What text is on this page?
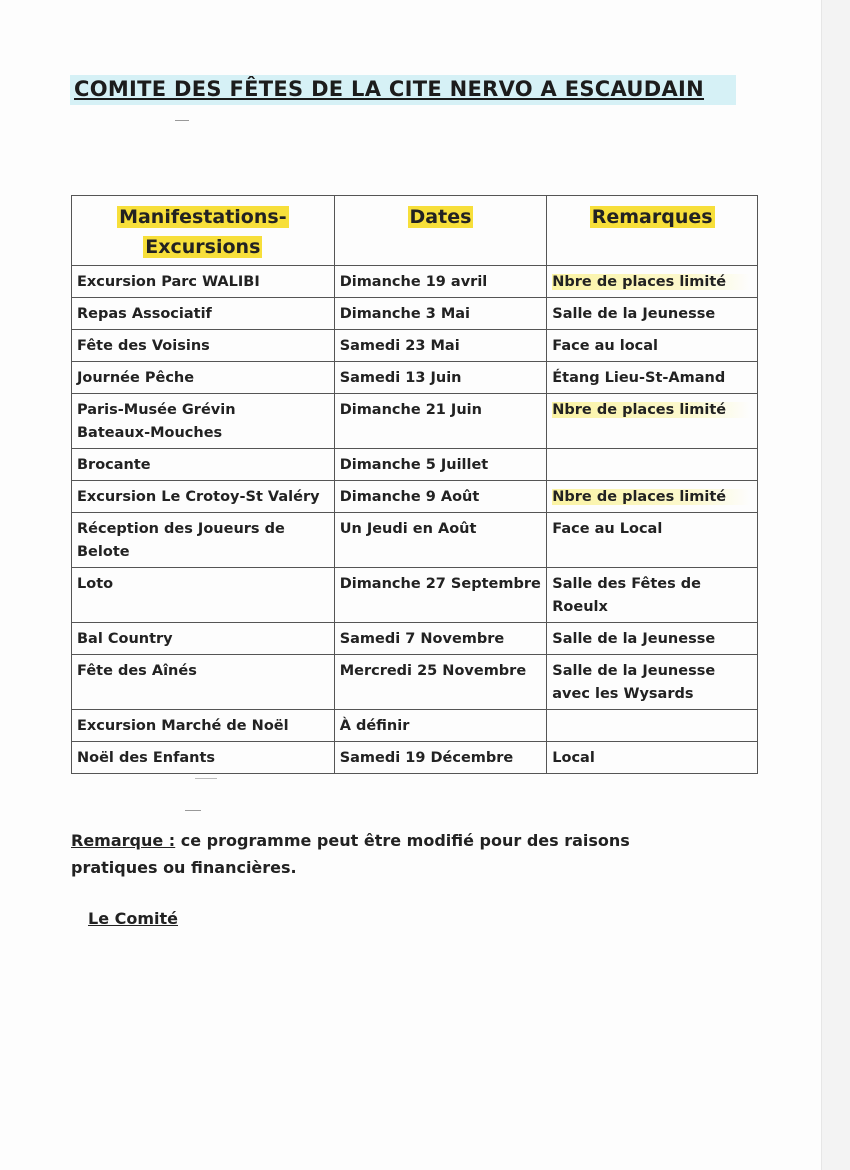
COMITE DES FÊTES DE LA CITE NERVO A ESCAUDAIN
Manifestations-
Excursions	Dates	Remarques
Excursion Parc WALIBI	Dimanche 19 avril	Nbre de places limité
Repas Associatif	Dimanche 3 Mai	Salle de la Jeunesse
Fête des Voisins	Samedi 23 Mai	Face au local
Journée Pêche	Samedi 13 Juin	Étang Lieu-St-Amand
Paris-Musée Grévin
Bateaux-Mouches	Dimanche 21 Juin	Nbre de places limité
Brocante	Dimanche 5 Juillet	
Excursion Le Crotoy-St Valéry	Dimanche 9 Août	Nbre de places limité
Réception des Joueurs de Belote	Un Jeudi en Août	Face au Local
Loto	Dimanche 27 Septembre	Salle des Fêtes de Roeulx
Bal Country	Samedi 7 Novembre	Salle de la Jeunesse
Fête des Aînés	Mercredi 25 Novembre	Salle de la Jeunesse avec les Wysards
Excursion Marché de Noël	À définir	
Noël des Enfants	Samedi 19 Décembre	Local
Remarque : ce programme peut être modifié pour des raisons pratiques ou financières.
Le Comité
